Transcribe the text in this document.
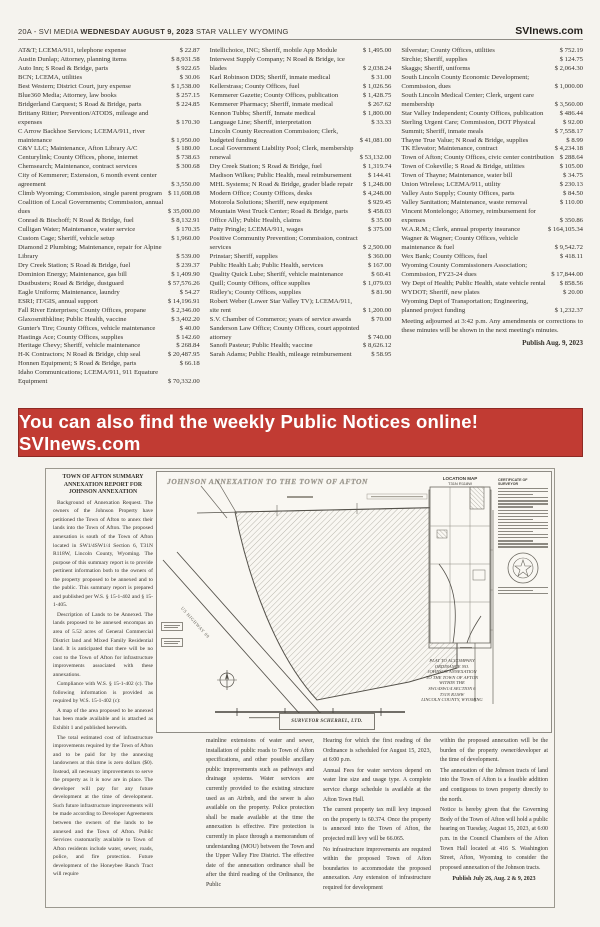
20A - SVI MEDIA WEDNESDAY AUGUST 9, 2023 STAR VALLEY WYOMING	SVInews.com
AT&T; LCEMA/911, telephone expense	$ 22.87
Austin Dunlap; Attorney, planning items	$ 8,931.58
Auto Inn; S Road & Bridge, parts	$ 922.65
BCN; LCEMA, utilities	$ 30.06
Best Western; District Court, jury expense	$ 1,538.00
Blue360 Media; Attorney, law books	$ 257.15
Bridgerland Carquest; S Road & Bridge, parts	$ 224.85
Brittany Ritter; Prevention/ATODS, mileage and expenses	$ 170.30
C Arrow Backhoe Services; LCEMA/911, river maintenance	$ 1,950.00
C&V LLC; Maintenance, Afton Library A/C	$ 180.00
Centurylink; County Offices, phone, internet	$ 738.63
Chemsearch; Maintenance, contract services	$ 300.68
City of Kemmerer; Extension, 6 month event center agreement	$ 3,550.00
Climb Wyoming; Commission, single parent program $ 11,608.08
Coalition of Local Governments; Commission, annual dues	$ 35,000.00
Conrad & Bischoff; N Road & Bridge, fuel	$ 8,132.91
Culligan Water; Maintenance, water service	$ 170.35
Custom Cage; Sheriff, vehicle setup	$ 1,960.00
Diamond 2 Plumbing; Maintenance, repair for Alpine Library	$ 539.00
Dry Creek Station; S Road & Bridge, fuel	$ 239.37
Dominion Energy; Maintenance, gas bill	$ 1,409.90
Dustbusters; Road & Bridge, dustguard	$ 57,576.26
Eagle Uniform; Maintenance, laundry	$ 54.27
ESRI; IT/GIS, annual support	$ 14,196.91
Fall River Enterprises; County Offices, propane	$ 2,346.00
Glaxosmithkline; Public Health, vaccine	$ 3,402.20
Gunter's Tire; County Offices, vehicle maintenance	$ 40.00
Hastings Ace; County Offices, supplies	$ 142.60
Heritage Chevy; Sheriff, vehicle maintenance	$ 268.84
H-K Contractors; N Road & Bridge, chip seal	$ 20,487.95
Honnen Equipment; S Road & Bridge, parts	$ 66.18
Idaho Communications; LCEMA/911, 911 Equature Equipment	$ 70,332.00
Intellichoice, INC; Sheriff, mobile App Module	$ 1,495.00
Interwest Supply Company; N Road & Bridge, ice blades	$ 2,038.24
Karl Robinson DDS; Sheriff, inmate medical	$ 31.00
Kellerstrass; County Offices, fuel	$ 1,026.56
Kemmerer Gazette; County Offices, publication	$ 1,428.75
Kemmerer Pharmacy; Sheriff, inmate medical	$ 267.62
Kennon Tubbs; Sheriff, Inmate medical	$ 1,800.00
Language Line; Sheriff, interpretation	$ 33.33
Lincoln County Recreation Commission; Clerk, budgeted funding	$ 41,081.00
Local Government Liability Pool; Clerk, membership renewal	$ 53,132.00
Dry Creek Station; S Road & Bridge, fuel	$ 1,319.74
Madison Wilkes; Public Health, meal reimbursement	$ 144.41
MHL Systems; N Road & Bridge, grader blade repair	$ 1,248.00
Modern Office; County Offices, desks	$ 4,248.00
Motorola Solutions; Sheriff, new equipment	$ 929.45
Mountain West Truck Center; Road & Bridge, parts	$ 458.03
Office Ally; Public Health, claims	$ 35.00
Patty Pringle; LCEMA/911, wages	$ 375.00
Positive Community Prevention; Commission, contract services	$ 2,500.00
Prinstar; Sheriff, supplies	$ 360.00
Public Health Lab; Public Health, services	$ 167.00
Quality Quick Lube; Sheriff, vehicle maintenance	$ 60.41
Quill; County Offices, office supplies	$ 1,079.03
Ridley's; County Offices, supplies	$ 81.90
Robert Weber (Lower Star Valley TV); LCEMA/911, site rent	$ 1,200.00
S.V. Chamber of Commerce; years of service awards	$ 70.00
Sanderson Law Office; County Offices, court appointed attorney	$ 740.00
Sanofi Pasteur; Public Health; vaccine	$ 8,626.12
Sarah Adams; Public Health, mileage reimbursement	$ 58.95
Silverstar; County Offices, utilities	$ 752.19
Sirchie; Sheriff, supplies	$ 124.75
Skaggs; Sheriff, uniforms	$ 2,064.30
South Lincoln County Economic Development; Commission, dues	$ 1,000.00
South Lincoln Medical Center; Clerk, urgent care membership	$ 3,560.00
Star Valley Independent; County Offices, publication	$ 486.44
Sterling Urgent Care; Commission, DOT Physical	$ 92.00
Summit; Sheriff, inmate meals	$ 7,558.17
Thayne True Value; N Road & Bridge, supplies	$ 8.99
TK Elevator; Maintenance, contract	$ 4,234.18
Town of Afton; County Offices, civic center contribution $ 288.64
Town of Cokeville; S Road & Bridge, utilities	$ 105.00
Town of Thayne; Maintenance, water bill	$ 34.75
Union Wireless; LCEMA/911, utility	$ 230.13
Valley Auto Supply; County Offices, parts	$ 84.50
Valley Sanitation; Maintenance, waste removal	$ 110.00
Vincent Montelongo; Attorney, reimbursement for expenses	$ 350.86
W.A.R.M.; Clerk, annual property insurance	$ 164,105.34
Wagner & Wagner; County Offices, vehicle maintenance & fuel	$ 9,542.72
Wex Bank; County Offices, fuel	$ 418.11
Wyoming County Commissioners Association; Commission, FY23-24 dues	$ 17,844.00
Wy Dept of Health; Public Health, state vehicle rental	$ 858.56
WYDOT; Sheriff, new plates	$ 20.00
Wyoming Dept of Transportation; Engineering, planned project funding	$ 1,232.37
Meeting adjourned at 3:42 p.m. Any amendments or corrections to these minutes will be shown in the next meeting's minutes.
Publish Aug. 9, 2023
You can also find the weekly Public Notices online! SVInews.com
TOWN OF AFTON SUMMARY ANNEXATION REPORT FOR JOHNSON ANNEXATION

Background of Annexation Request. The owners of the Johnson Property have petitioned the Town of Afton to annex their lands into the Town of Afton. The proposed annexation is south of the Town of Afton located in SW1/4SW1/4 Section 6, T31N R118W, Lincoln County, Wyoming. The purpose of this summary report is to provide pertinent information both to the owners of the property proposed to be annexed and to the public. This summary report is prepared and published per W.S. § 15-1-402 and § 15-1-405.

Description of Lands to be Annexed. The lands proposed to be annexed encompas an area of 5.52 acres of General Commercial District land and Mixed Family Residential land. It is anticipated that there will be no cost to the Town of Afton for infrastructure improvements associated with these annexations.

Compliance with W.S. § 15-1-402 (c). The following information is provided as required by W.S. 15-1-402 (c):

A map of the area proposed to be annexed has been made available and is attached as Exhibit 1 and published herewith.

The total estimated cost of infrastructure improvements required by the Town of Afton and to be paid for by the annexing landowners at this time is zero dollars ($0). Instead, all necessary improvements to serve the property as it is now are in place. The developer will pay for any future development at the time of development. Such future infrastructure improvements will be made according to Developer Agreements between the owners of the lands to be annexed and the Town of Afton. Public Services customarily available to Town of Afton residents include water, sewer, roads, police, and fire protection. Future development of the Honeybee Ranch Tract will require

JOHNSON ANNEXATION TO THE TOWN OF AFTON	LOCATION MAP
T31N R118W
CERTIFICATE OF SURVEYOR

PLAT TO ACCOMPANY

ORDINANCE NO.

JOHNSON ANNEXATION

TO THE TOWN OF AFTON

WITHIN THE

SW1/4SW1/4 SECTION 6

T31N R118W

LINCOLN COUNTY, WYOMING

SURVEYOR SCHERBEL, LTD.
US HIGHWAY 89

mainline extensions of water and sewer, installation of public roads to Town of Afton specifications, and other possible ancillary public improvements such as pathways and drainage systems. Water services are currently provided to the existing structure used as an Airbnb, and the sewer is also available on the property. Police protection shall be made available at the time the annexation is effective. Fire protection is currently in place through a memorandum of understanding (MOU) between the Town and the Upper Valley Fire District. The effective date of the annexation ordinance shall be after the third reading of the Ordinance, the Public

Hearing for which the first reading of the Ordinance is scheduled for August 15, 2023, at 6:00 p.m.

Annual Fees for water services depend on water line size and usage type. A complete service charge schedule is available at the Afton Town Hall.

The current property tax mill levy imposed on the property is 60.374. Once the property is annexed into the Town of Afton, the projected mill levy will be 66.065.

No infrastructure improvements are required within the proposed Town of Afton boundaries to accommodate the proposed annexation. Any extension of infrastructure required for development

within the proposed annexation will be the burden of the property owner/developer at the time of development.

The annexation of the Johnson tracts of land into the Town of Afton is a feasible addition and contiguous to town property directly to the north.

Notice is hereby given that the Governing Body of the Town of Afton will hold a public hearing on Tuesday, August 15, 2023, at 6:00 p.m. in the Council Chambers of the Afton Town Hall located at 416 S. Washington Street, Afton, Wyoming to consider the proposed annexation of the Johnson tracts.

Publish July 26, Aug. 2 & 9, 2023
